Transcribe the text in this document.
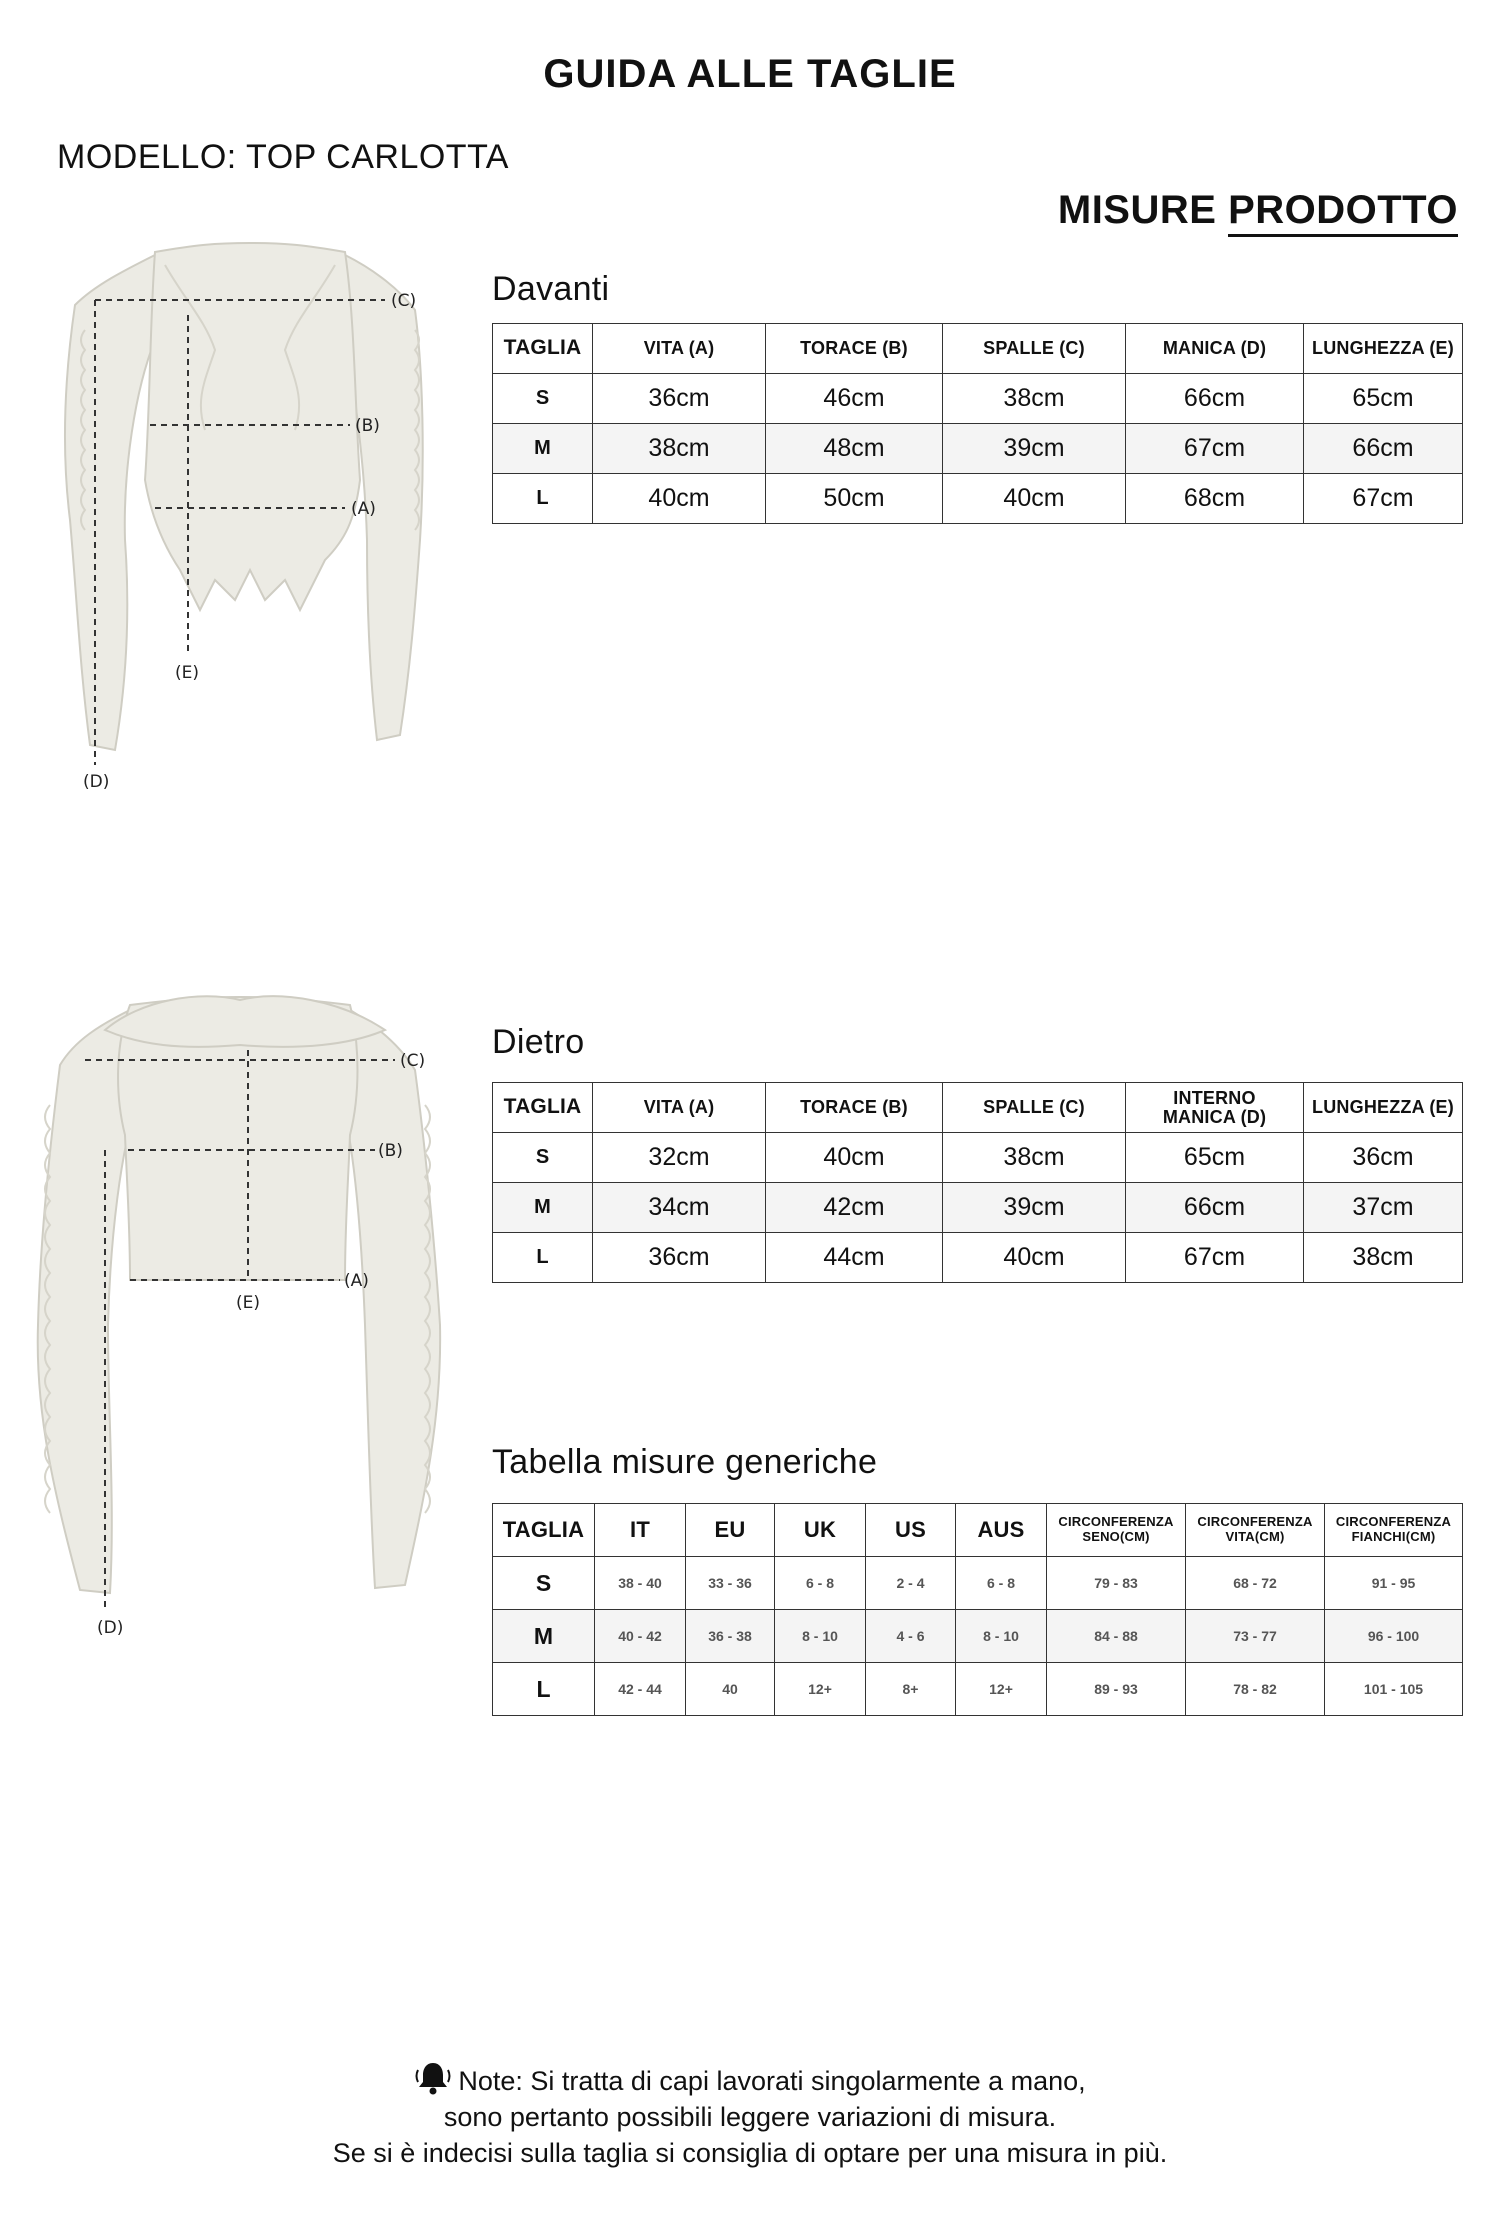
GUIDA ALLE TAGLIE
MODELLO: TOP CARLOTTA
MISURE PRODOTTO
(C)
(B)
(A)
(E)
(D)
Davanti
TAGLIA	VITA (A)	TORACE (B)	SPALLE (C)	MANICA (D)	LUNGHEZZA (E)
S	36cm	46cm	38cm	66cm	65cm
M	38cm	48cm	39cm	67cm	66cm
L	40cm	50cm	40cm	68cm	67cm
(C)
(B)
(A)
(E)
(D)
Dietro
TAGLIA	VITA (A)	TORACE (B)	SPALLE (C)	INTERNO MANICA (D)	LUNGHEZZA (E)
S	32cm	40cm	38cm	65cm	36cm
M	34cm	42cm	39cm	66cm	37cm
L	36cm	44cm	40cm	67cm	38cm
Tabella misure generiche
TAGLIA	IT	EU	UK	US	AUS	CIRCONFERENZA SENO(CM)	CIRCONFERENZA VITA(CM)	CIRCONFERENZA FIANCHI(CM)
S	38 - 40	33 - 36	6 - 8	2 - 4	6 - 8	79 - 83	68 - 72	91 - 95
M	40 - 42	36 - 38	8 - 10	4 - 6	8 - 10	84 - 88	73 - 77	96 - 100
L	42 - 44	40	12+	8+	12+	89 - 93	78 - 82	101 - 105
Note: Si tratta di capi lavorati singolarmente a mano,
sono pertanto possibili leggere variazioni di misura.
Se si è indecisi sulla taglia si consiglia di optare per una misura in più.
